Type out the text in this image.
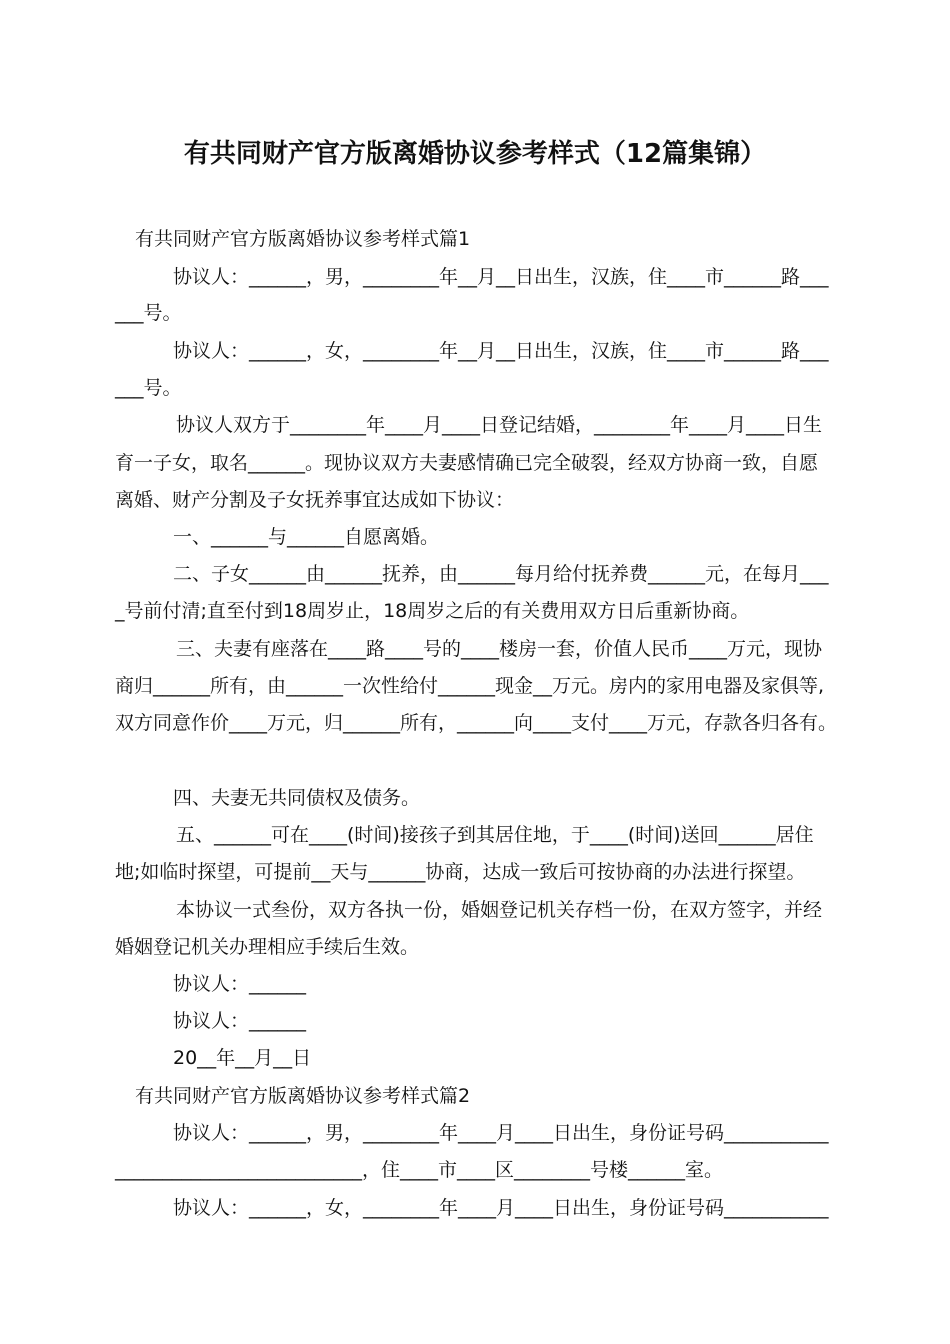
有共同财产官方版离婚协议参考样式（12篇集锦）
有共同财产官方版离婚协议参考样式篇1
协议人：______，男，________年__月__日出生，汉族，住____市______路___
___号。
协议人：______，女，________年__月__日出生，汉族，住____市______路___
___号。
协议人双方于________年____月____日登记结婚，________年____月____日生
育一子女，取名______。现协议双方夫妻感情确已完全破裂，经双方协商一致，自愿
离婚、财产分割及子女抚养事宜达成如下协议：
一、______与______自愿离婚。
二、子女______由______抚养，由______每月给付抚养费______元，在每月___
_号前付清;直至付到18周岁止，18周岁之后的有关费用双方日后重新协商。
三、夫妻有座落在____路____号的____楼房一套，价值人民币____万元，现协
商归______所有，由______一次性给付______现金__万元。房内的家用电器及家俱等,
双方同意作价____万元，归______所有，______向____支付____万元，存款各归各有。
四、夫妻无共同债权及债务。
五、______可在____(时间)接孩子到其居住地，于____(时间)送回______居住
地;如临时探望，可提前__天与______协商，达成一致后可按协商的办法进行探望。
本协议一式叁份，双方各执一份，婚姻登记机关存档一份，在双方签字，并经
婚姻登记机关办理相应手续后生效。
协议人：______
协议人：______
20__年__月__日
有共同财产官方版离婚协议参考样式篇2
协议人：______，男，________年____月____日出生，身份证号码___________
__________________________，住____市____区________号楼______室。
协议人：______，女，________年____月____日出生，身份证号码___________
